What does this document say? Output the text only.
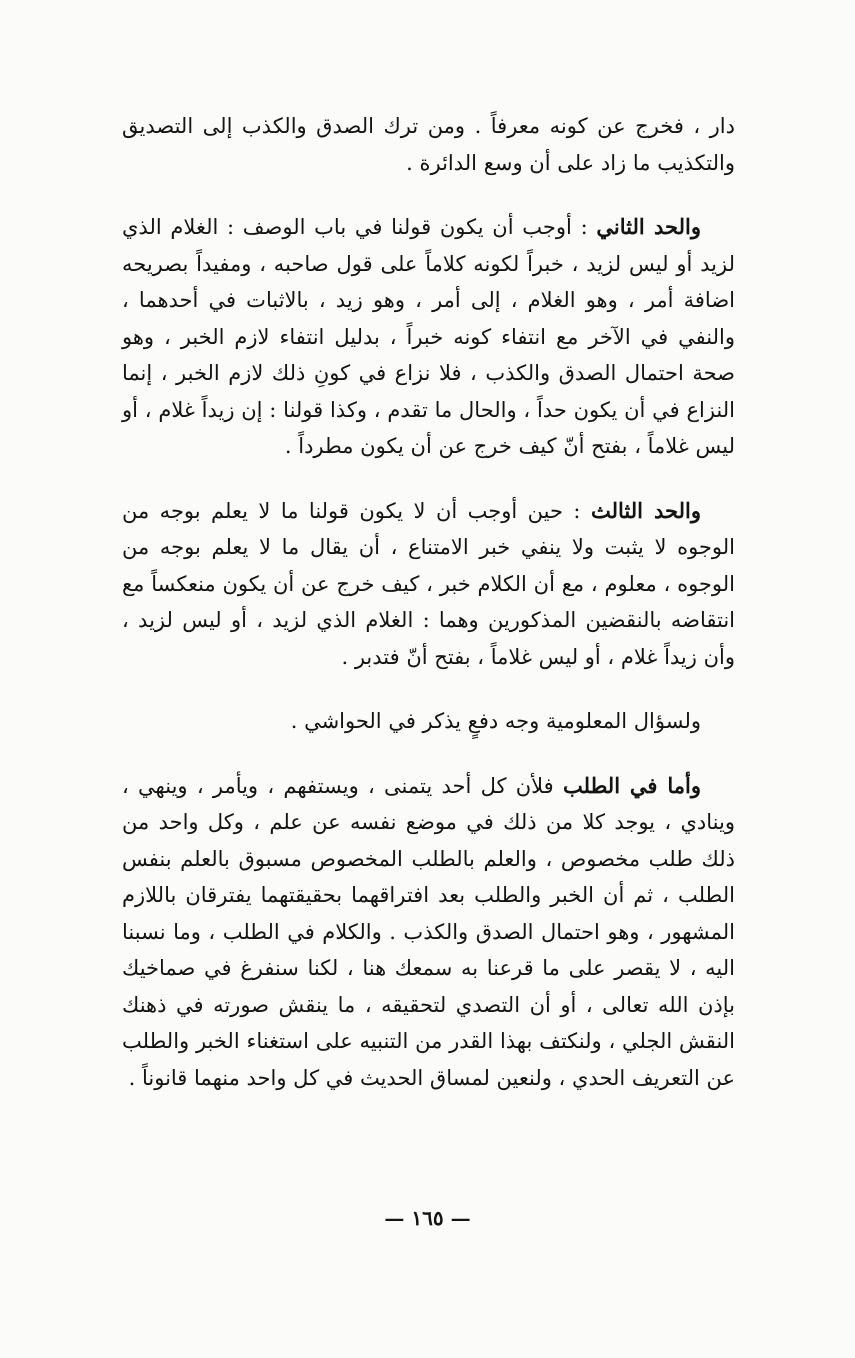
دار ، فخرج عن كونه معرفاً . ومن ترك الصدق والكذب إلى التصديق والتكذيب ما زاد على أن وسع الدائرة .

والحد الثاني : أوجب أن يكون قولنا في باب الوصف : الغلام الذي لزيد أو ليس لزيد ، خبراً لكونه كلاماً على قول صاحبه ، ومفيداً بصريحه اضافة أمر ، وهو الغلام ، إلى أمر ، وهو زيد ، بالاثبات في أحدهما ، والنفي في الآخر مع انتفاء كونه خبراً ، بدليل انتفاء لازم الخبر ، وهو صحة احتمال الصدق والكذب ، فلا نزاع في كونِ ذلك لازم الخبر ، إنما النزاع في أن يكون حداً ، والحال ما تقدم ، وكذا قولنا : إن زيداً غلام ، أو ليس غلاماً ، بفتح أنّ كيف خرج عن أن يكون مطرداً .

والحد الثالث : حين أوجب أن لا يكون قولنا ما لا يعلم بوجه من الوجوه لا يثبت ولا ينفي خبر الامتناع ، أن يقال ما لا يعلم بوجه من الوجوه ، معلوم ، مع أن الكلام خبر ، كيف خرج عن أن يكون منعكساً مع انتقاضه بالنقضين المذكورين وهما : الغلام الذي لزيد ، أو ليس لزيد ، وأن زيداً غلام ، أو ليس غلاماً ، بفتح أنّ فتدبر .

ولسؤال المعلومية وجه دفعٍ يذكر في الحواشي .

وأما في الطلب فلأن كل أحد يتمنى ، ويستفهم ، ويأمر ، وينهي ، وينادي ، يوجد كلا من ذلك في موضع نفسه عن علم ، وكل واحد من ذلك طلب مخصوص ، والعلم بالطلب المخصوص مسبوق بالعلم بنفس الطلب ، ثم أن الخبر والطلب بعد افتراقهما بحقيقتهما يفترقان باللازم المشهور ، وهو احتمال الصدق والكذب . والكلام في الطلب ، وما نسبنا اليه ، لا يقصر على ما قرعنا به سمعك هنا ، لكنا سنفرغ في صماخيك بإذن الله تعالى ، أو أن التصدي لتحقيقه ، ما ينقش صورته في ذهنك النقش الجلي ، ولنكتف بهذا القدر من التنبيه على استغناء الخبر والطلب عن التعريف الحدي ، ولنعين لمساق الحديث في كل واحد منهما قانوناً .

— ١٦٥ —
